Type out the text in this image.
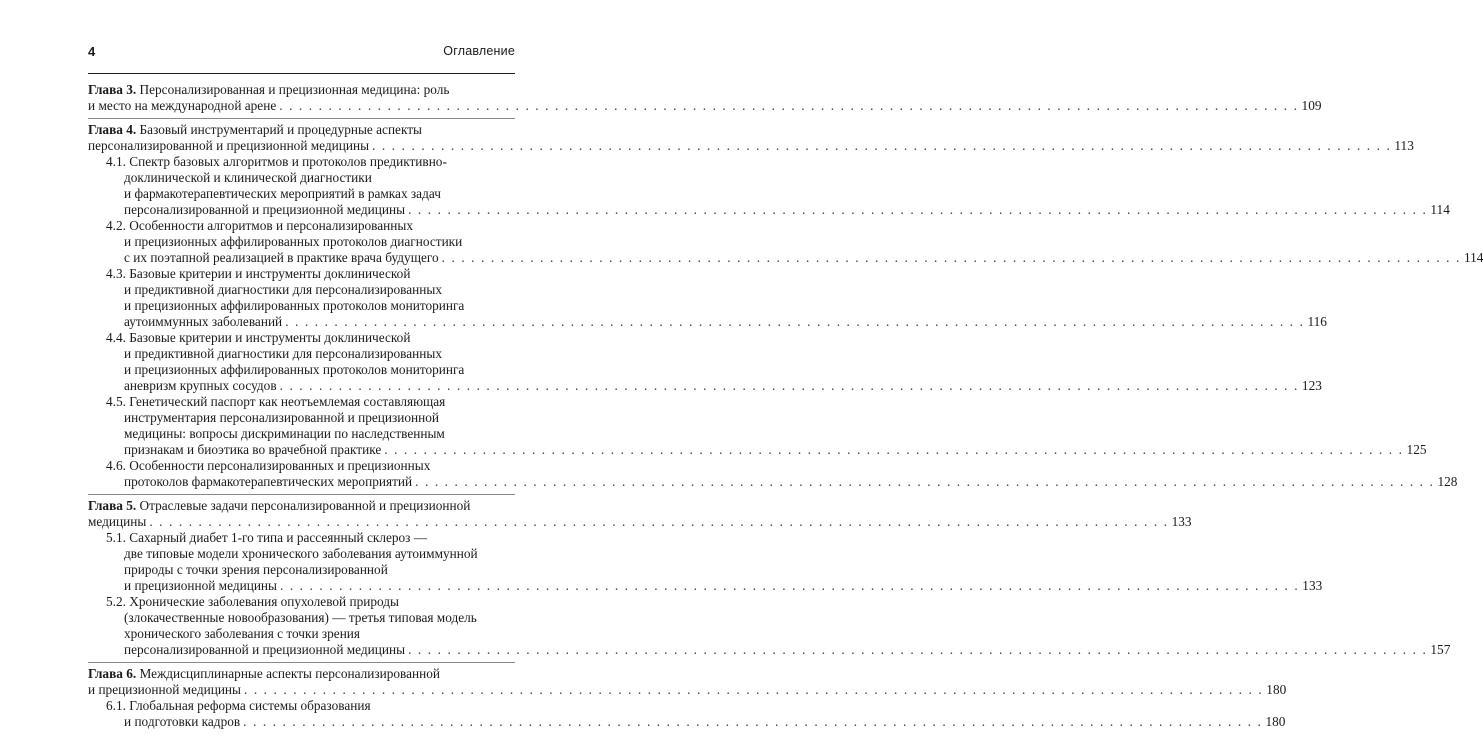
4	Оглавление
Глава 3. Персонализированная и прецизионная медицина: роль
и место на международной арене . . .	109
Глава 4. Базовый инструментарий и процедурные аспекты
персонализированной и прецизионной медицины . . .	113
4.1. Спектр базовых алгоритмов и протоколов предиктивно-
доклинической и клинической диагностики
и фармакотерапевтических мероприятий в рамках задач
персонализированной и прецизионной медицины . . .	114
4.2. Особенности алгоритмов и персонализированных
и прецизионных аффилированных протоколов диагностики
с их поэтапной реализацией в практике врача будущего . . .	114
4.3. Базовые критерии и инструменты доклинической
и предиктивной диагностики для персонализированных
и прецизионных аффилированных протоколов мониторинга
аутоиммунных заболеваний . . .	116
4.4. Базовые критерии и инструменты доклинической
и предиктивной диагностики для персонализированных
и прецизионных аффилированных протоколов мониторинга
аневризм крупных сосудов . . .	123
4.5. Генетический паспорт как неотъемлемая составляющая
инструментария персонализированной и прецизионной
медицины: вопросы дискриминации по наследственным
признакам и биоэтика во врачебной практике . . .	125
4.6. Особенности персонализированных и прецизионных
протоколов фармакотерапевтических мероприятий . . .	128
Глава 5. Отраслевые задачи персонализированной и прецизионной
медицины . . .	133
5.1. Сахарный диабет 1-го типа и рассеянный склероз —
две типовые модели хронического заболевания аутоиммунной
природы с точки зрения персонализированной
и прецизионной медицины . . .	133
5.2. Хронические заболевания опухолевой природы
(злокачественные новообразования) — третья типовая модель
хронического заболевания с точки зрения
персонализированной и прецизионной медицины . . .	157
Глава 6. Междисциплинарные аспекты персонализированной
и прецизионной медицины . . .	180
6.1. Глобальная реформа системы образования
и подготовки кадров . . .	180
